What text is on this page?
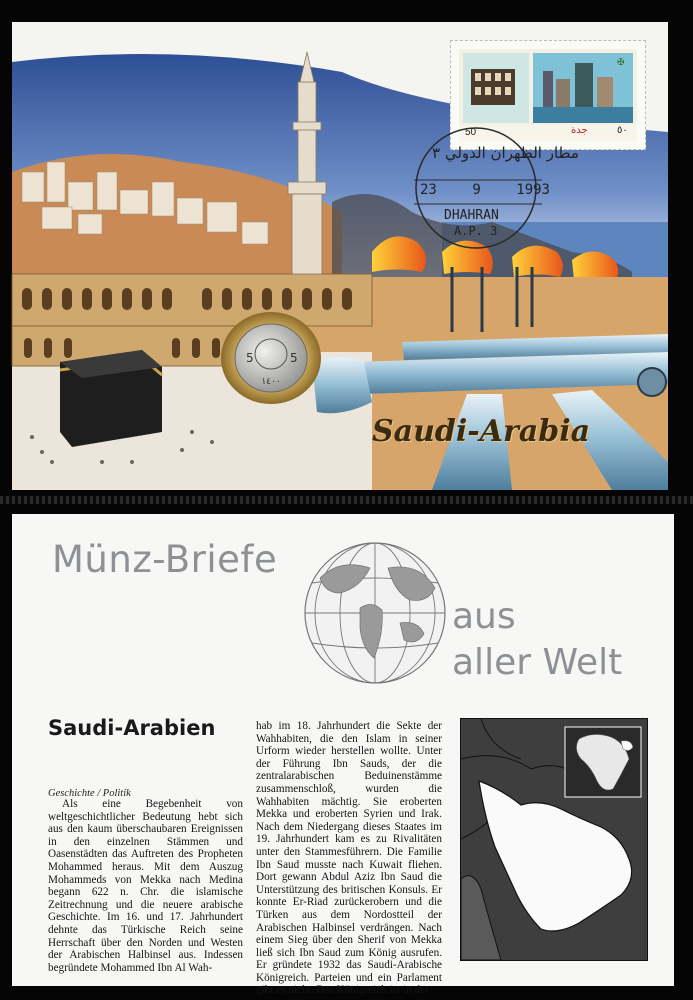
5	5
١٤٠٠
✠
50	جدة	٥٠
مطار الظهران الدولي ٣
23	9	1993
DHAHRAN
A.P. 3
Saudi-Arabia
Münz-Briefe
aus
aller Welt
Saudi-Arabien
Geschichte / Politik

Als eine Begebenheit von weltgeschichtlicher Bedeutung hebt sich aus den kaum überschaubaren Ereignissen in den einzelnen Stämmen und Oasenstädten das Auftreten des Propheten Mohammed heraus. Mit dem Auszug Mohammeds von Mekka nach Medina begann 622 n. Chr. die islamische Zeitrechnung und die neuere arabische Geschichte. Im 16. und 17. Jahrhundert dehnte das Türkische Reich seine Herrschaft über den Norden und Westen der Arabischen Halbinsel aus. Indessen begründete Mohammed Ibn Al Wah-

hab im 18. Jahrhundert die Sekte der Wahhabiten, die den Islam in seiner Urform wieder herstellen wollte. Unter der Führung Ibn Sauds, der die zentralarabischen Beduinenstämme zusammenschloß, wurden die Wahhabiten mächtig. Sie eroberten Mekka und eroberten Syrien und Irak. Nach dem Niedergang dieses Staates im 19. Jahrhundert kam es zu Rivalitäten unter den Stammesführern. Die Familie Ibn Saud musste nach Kuwait fliehen. Dort gewann Abdul Aziz Ibn Saud die Unterstützung des britischen Konsuls. Er konnte Er-Riad zurückerobern und die Türken aus dem Nordostteil der Arabischen Halbinsel verdrängen. Nach einem Sieg über den Sherif von Mekka ließ sich Ibn Saud zum König ausrufen. Er gründete 1932 das Saudi-Arabische Königreich. Parteien und ein Parlament gibt es nicht. Das Königreich ist in der
